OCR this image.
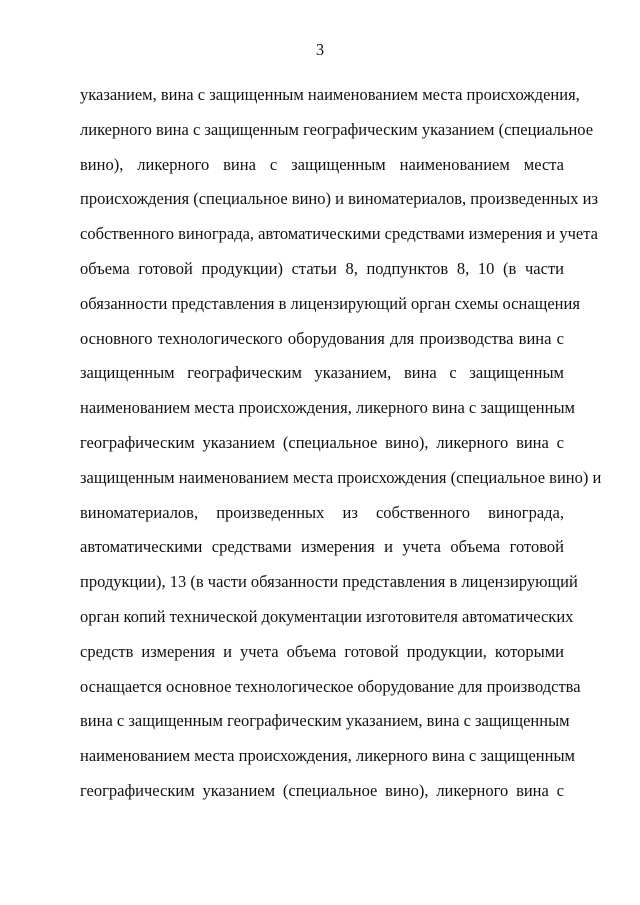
3
указанием, вина с защищенным наименованием места происхождения,
ликерного вина с защищенным географическим указанием (специальное
вино), ликерного вина с защищенным наименованием места
происхождения (специальное вино) и виноматериалов, произведенных из
собственного винограда, автоматическими средствами измерения и учета
объема готовой продукции) статьи 8, подпунктов 8, 10 (в части
обязанности представления в лицензирующий орган схемы оснащения
основного технологического оборудования для производства вина с
защищенным географическим указанием, вина с защищенным
наименованием места происхождения, ликерного вина с защищенным
географическим указанием (специальное вино), ликерного вина с
защищенным наименованием места происхождения (специальное вино) и
виноматериалов, произведенных из собственного винограда,
автоматическими средствами измерения и учета объема готовой
продукции), 13 (в части обязанности представления в лицензирующий
орган копий технической документации изготовителя автоматических
средств измерения и учета объема готовой продукции, которыми
оснащается основное технологическое оборудование для производства
вина с защищенным географическим указанием, вина с защищенным
наименованием места происхождения, ликерного вина с защищенным
географическим указанием (специальное вино), ликерного вина с
